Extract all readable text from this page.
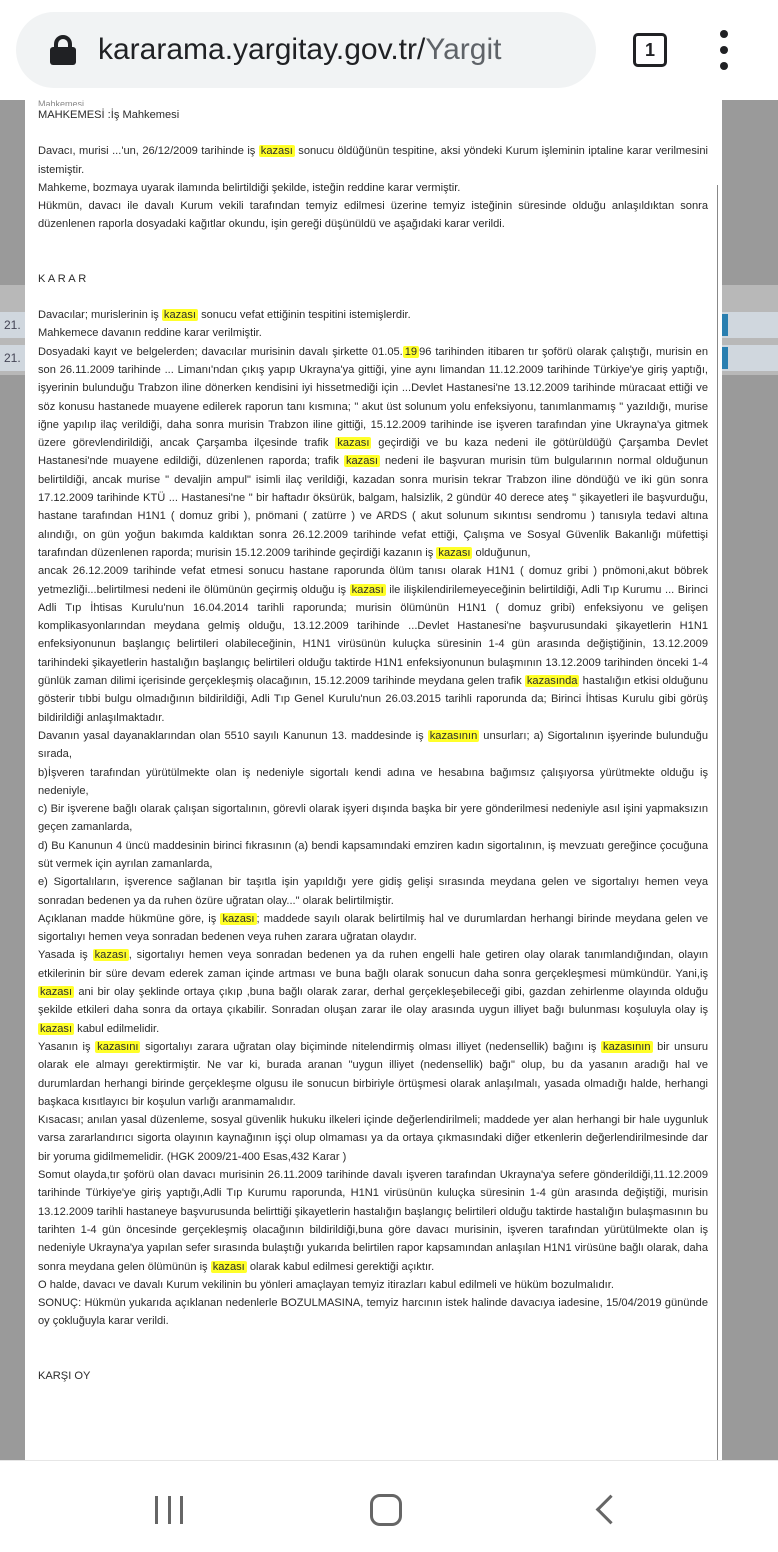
kararama.yargitay.gov.tr/Yargit	1
21.
21.
Mahkemesi

MAHKEMESİ :İş Mahkemesi

Davacı, murisi ...'un, 26/12/2009 tarihinde iş kazası sonucu öldüğünün tespitine, aksi yöndeki Kurum işleminin iptaline karar verilmesini istemiştir.

Mahkeme, bozmaya uyarak ilamında belirtildiği şekilde, isteğin reddine karar vermiştir.

Hükmün, davacı ile davalı Kurum vekili tarafından temyiz edilmesi üzerine temyiz isteğinin süresinde olduğu anlaşıldıktan sonra düzenlenen raporla dosyadaki kağıtlar okundu, işin gereği düşünüldü ve aşağıdaki karar verildi.

KARAR

Davacılar; murislerinin iş kazası sonucu vefat ettiğinin tespitini istemişlerdir.

Mahkemece davanın reddine karar verilmiştir.

Dosyadaki kayıt ve belgelerden; davacılar murisinin davalı şirkette 01.05. 19 96 tarihinden itibaren tır şoförü olarak çalıştığı, murisin en son 26.11.2009 tarihinde ... Limanı'ndan çıkış yapıp Ukrayna'ya gittiği, yine aynı limandan 11.12.2009 tarihinde Türkiye'ye giriş yaptığı, işyerinin bulunduğu Trabzon iline dönerken kendisini iyi hissetmediği için ...Devlet Hastanesi'ne 13.12.2009 tarihinde müracaat ettiği ve söz konusu hastanede muayene edilerek raporun tanı kısmına; " akut üst solunum yolu enfeksiyonu, tanımlanmamış " yazıldığı, murise iğne yapılıp ilaç verildiği, daha sonra murisin Trabzon iline gittiği, 15.12.2009 tarihinde ise işveren tarafından yine Ukrayna'ya gitmek üzere görevlendirildiği, ancak Çarşamba ilçesinde trafik kazası geçirdiği ve bu kaza nedeni ile götürüldüğü Çarşamba Devlet Hastanesi'nde muayene edildiği, düzenlenen raporda; trafik kazası nedeni ile başvuran murisin tüm bulgularının normal olduğunun belirtildiği, ancak murise " devaljin ampul" isimli ilaç verildiği, kazadan sonra murisin tekrar Trabzon iline döndüğü ve iki gün sonra 17.12.2009 tarihinde KTÜ ... Hastanesi'ne " bir haftadır öksürük, balgam, halsizlik, 2 gündür 40 derece ateş " şikayetleri ile başvurduğu, hastane tarafından H1N1 ( domuz gribi ), pnömani ( zatürre ) ve ARDS ( akut solunum sıkıntısı sendromu ) tanısıyla tedavi altına alındığı, on gün yoğun bakımda kaldıktan sonra 26.12.2009 tarihinde vefat ettiği, Çalışma ve Sosyal Güvenlik Bakanlığı müfettişi tarafından düzenlenen raporda; murisin 15.12.2009 tarihinde geçirdiği kazanın iş kazası olduğunun,

ancak 26.12.2009 tarihinde vefat etmesi sonucu hastane raporunda ölüm tanısı olarak H1N1 ( domuz gribi ) pnömoni,akut böbrek yetmezliği...belirtilmesi nedeni ile ölümünün geçirmiş olduğu iş kazası ile ilişkilendirilemeyeceğinin belirtildiği, Adli Tıp Kurumu ... Birinci Adli Tıp İhtisas Kurulu'nun 16.04.2014 tarihli raporunda; murisin ölümünün H1N1 ( domuz gribi) enfeksiyonu ve gelişen komplikasyonlarından meydana gelmiş olduğu, 13.12.2009 tarihinde ...Devlet Hastanesi'ne başvurusundaki şikayetlerin H1N1 enfeksiyonunun başlangıç belirtileri olabileceğinin, H1N1 virüsünün kuluçka süresinin 1-4 gün arasında değiştiğinin, 13.12.2009 tarihindeki şikayetlerin hastalığın başlangıç belirtileri olduğu taktirde H1N1 enfeksiyonunun bulaşmının 13.12.2009 tarihinden önceki 1-4 günlük zaman dilimi içerisinde gerçekleşmiş olacağının, 15.12.2009 tarihinde meydana gelen trafik kazasında hastalığın etkisi olduğunu gösterir tıbbi bulgu olmadığının bildirildiği, Adli Tıp Genel Kurulu'nun 26.03.2015 tarihli raporunda da; Birinci İhtisas Kurulu gibi görüş bildirildiği anlaşılmaktadır.

Davanın yasal dayanaklarından olan 5510 sayılı Kanunun 13. maddesinde iş kazasının unsurları; a) Sigortalının işyerinde bulunduğu sırada,

b)İşveren tarafından yürütülmekte olan iş nedeniyle sigortalı kendi adına ve hesabına bağımsız çalışıyorsa yürütmekte olduğu iş nedeniyle,

c) Bir işverene bağlı olarak çalışan sigortalının, görevli olarak işyeri dışında başka bir yere gönderilmesi nedeniyle asıl işini yapmaksızın geçen zamanlarda,

d) Bu Kanunun 4 üncü maddesinin birinci fıkrasının (a) bendi kapsamındaki emziren kadın sigortalının, iş mevzuatı gereğince çocuğuna süt vermek için ayrılan zamanlarda,

e) Sigortalıların, işverence sağlanan bir taşıtla işin yapıldığı yere gidiş gelişi sırasında meydana gelen ve sigortalıyı hemen veya sonradan bedenen ya da ruhen özüre uğratan olay..." olarak belirtilmiştir.

Açıklanan madde hükmüne göre, iş kazası ; maddede sayılı olarak belirtilmiş hal ve durumlardan herhangi birinde meydana gelen ve sigortalıyı hemen veya sonradan bedenen veya ruhen zarara uğratan olaydır.

Yasada iş kazası , sigortalıyı hemen veya sonradan bedenen ya da ruhen engelli hale getiren olay olarak tanımlandığından, olayın etkilerinin bir süre devam ederek zaman içinde artması ve buna bağlı olarak sonucun daha sonra gerçekleşmesi mümkündür. Yani,iş kazası ani bir olay şeklinde ortaya çıkıp ,buna bağlı olarak zarar, derhal gerçekleşebileceği gibi, gazdan zehirlenme olayında olduğu şekilde etkileri daha sonra da ortaya çıkabilir. Sonradan oluşan zarar ile olay arasında uygun illiyet bağı bulunması koşuluyla olay iş kazası kabul edilmelidir.

Yasanın iş kazasını sigortalıyı zarara uğratan olay biçiminde nitelendirmiş olması illiyet (nedensellik) bağını iş kazasının bir unsuru olarak ele almayı gerektirmiştir. Ne var ki, burada aranan "uygun illiyet (nedensellik) bağı" olup, bu da yasanın aradığı hal ve durumlardan herhangi birinde gerçekleşme olgusu ile sonucun birbiriyle örtüşmesi olarak anlaşılmalı, yasada olmadığı halde, herhangi başkaca kısıtlayıcı bir koşulun varlığı aranmamalıdır.

Kısacası; anılan yasal düzenleme, sosyal güvenlik hukuku ilkeleri içinde değerlendirilmeli; maddede yer alan herhangi bir hale uygunluk varsa zararlandırıcı sigorta olayının kaynağının işçi olup olmaması ya da ortaya çıkmasındaki diğer etkenlerin değerlendirilmesinde dar bir yoruma gidilmemelidir. (HGK 2009/21-400 Esas,432 Karar )

Somut olayda,tır şoförü olan davacı murisinin 26.11.2009 tarihinde davalı işveren tarafından Ukrayna'ya sefere gönderildiği,11.12.2009 tarihinde Türkiye'ye giriş yaptığı,Adli Tıp Kurumu raporunda, H1N1 virüsünün kuluçka süresinin 1-4 gün arasında değiştiği, murisin 13.12.2009 tarihli hastaneye başvurusunda belirttiği şikayetlerin hastalığın başlangıç belirtileri olduğu taktirde hastalığın bulaşmasının bu tarihten 1-4 gün öncesinde gerçekleşmiş olacağının bildirildiği,buna göre davacı murisinin, işveren tarafından yürütülmekte olan iş nedeniyle Ukrayna'ya yapılan sefer sırasında bulaştığı yukarıda belirtilen rapor kapsamından anlaşılan H1N1 virüsüne bağlı olarak, daha sonra meydana gelen ölümünün iş kazası olarak kabul edilmesi gerektiği açıktır.

O halde, davacı ve davalı Kurum vekilinin bu yönleri amaçlayan temyiz itirazları kabul edilmeli ve hüküm bozulmalıdır.

SONUÇ: Hükmün yukarıda açıklanan nedenlerle BOZULMASINA, temyiz harcının istek halinde davacıya iadesine, 15/04/2019 gününde oy çokluğuyla karar verildi.

KARŞI OY
